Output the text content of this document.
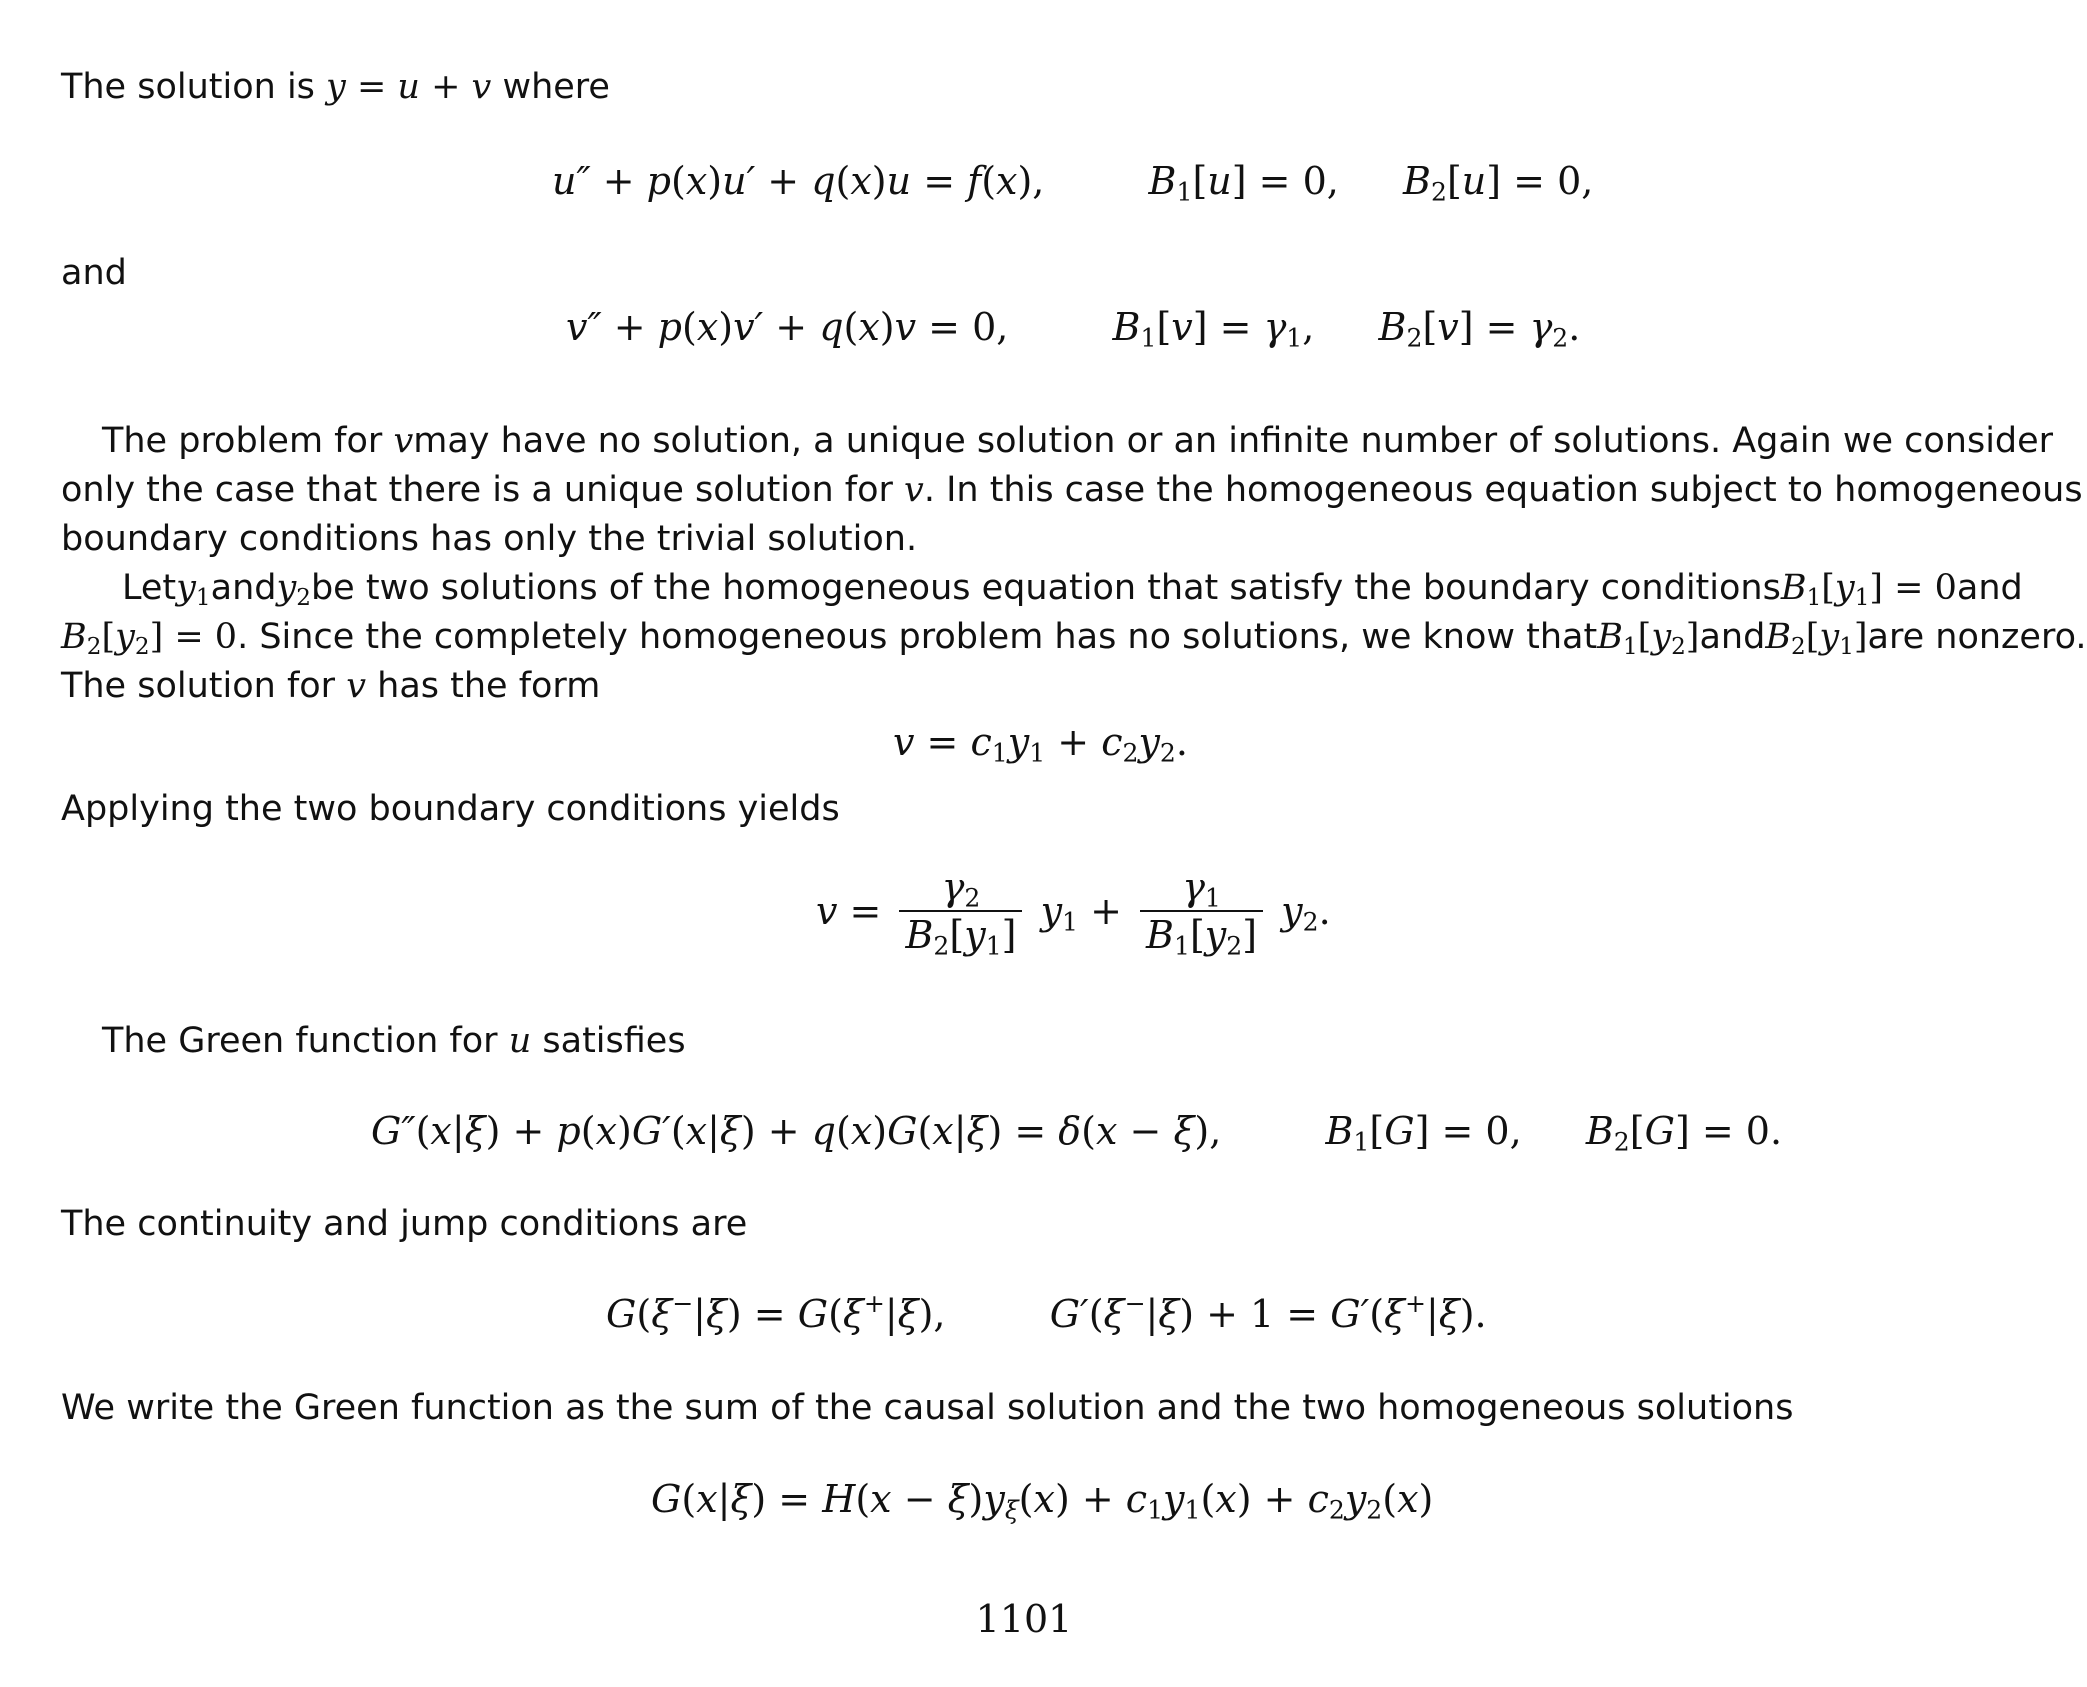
The solution is y = u + v where
u″ + p(x)u′ + q(x)u = f(x),	$B_1[u] = 0$, $B_2[u] = 0$,
and
v″ + p(x)v′ + q(x)v = 0,	$B_1[v] = \gamma_1$, $B_2[v] = \gamma_2$.
The problem for v may have no solution, a unique solution or an infinite number of solutions. Again we consider
only the case that there is a unique solution for v . In this case the homogeneous equation subject to homogeneous
boundary conditions has only the trivial solution.
Let $y_1$ and $y_2$ be two solutions of the homogeneous equation that satisfy the boundary conditions $B_1[y_1] = 0$ and
$B_2[y_2] = 0$ . Since the completely homogeneous problem has no solutions, we know that $B_1[y_2]$ and $B_2[y_1]$ are nonzero.
The solution for v has the form
$v = c_1y_1 + c_2y_2$.
Applying the two boundary conditions yields
$v = \frac{\gamma_2}{B_2[y_1]} y_1 + \frac{\gamma_1}{B_1[y_2]} y_2$.
The Green function for u satisfies
G″(x|ξ) + p(x)G′(x|ξ) + q(x)G(x|ξ) = δ(x − ξ),	$B_1[G] = 0$, $B_2[G] = 0$.
The continuity and jump conditions are
G(ξ−|ξ) = G(ξ+|ξ),	G′(ξ−|ξ) + 1 = G′(ξ+|ξ).
We write the Green function as the sum of the causal solution and the two homogeneous solutions
$G(x|\xi) = H(x - \xi)y_\xi(x) + c_1y_1(x) + c_2y_2(x)$
1101
